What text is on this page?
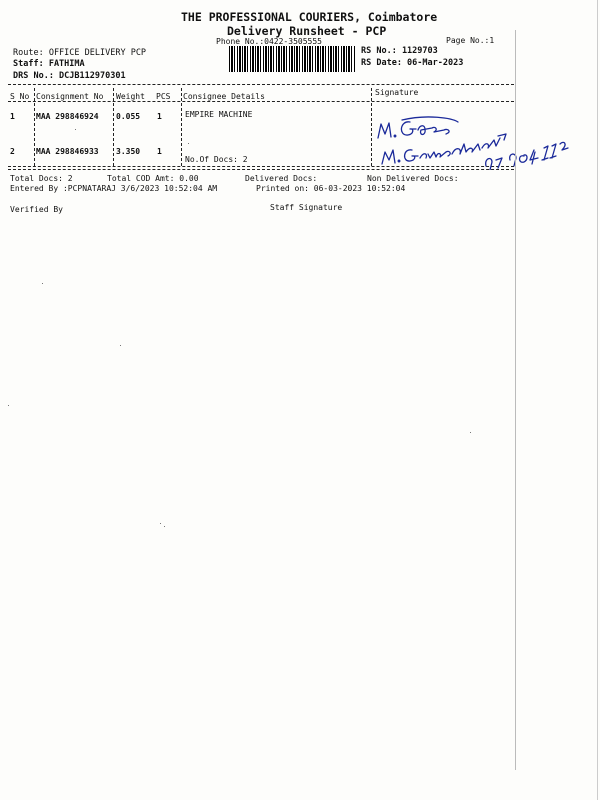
THE PROFESSIONAL COURIERS, Coimbatore
Delivery Runsheet - PCP
Phone No.:0422-3505555	Page No.:1
Route: OFFICE DELIVERY PCP
Staff: FATHIMA
DRS No.: DCJB112970301
RS No.: 1129703
RS Date: 06-Mar-2023
S No Consignment No Weight PCS Consignee Details	Signature
1	MAA 298846924 0.055 1	EMPIRE MACHINE
2	MAA 298846933 3.350 1
No.Of Docs: 2
Total Docs: 2	Total COD Amt: 0.00	Delivered Docs:	Non Delivered Docs:
Entered By :PCPNATARAJ 3/6/2023 10:52:04 AM	Printed on: 06-03-2023 10:52:04
Verified By	Staff Signature
